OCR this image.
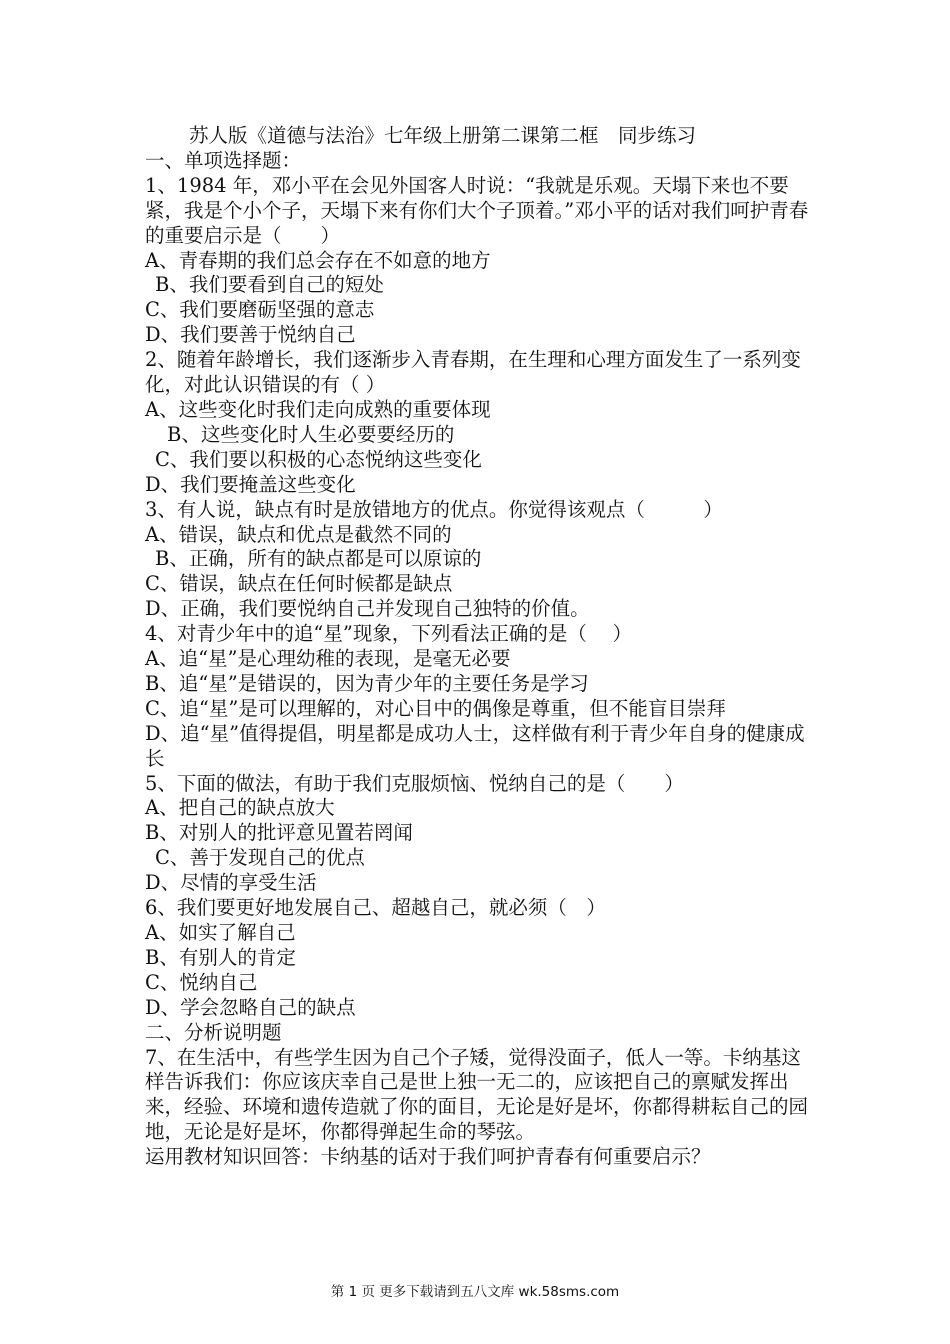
苏人版《道德与法治》七年级上册第二课第二框　同步练习
一、单项选择题：
1、1984 年，邓小平在会见外国客人时说：“我就是乐观。天塌下来也不要紧，我是个小个子，天塌下来有你们大个子顶着。”邓小平的话对我们呵护青春的重要启示是（　　）
A、青春期的我们总会存在不如意的地方
B、我们要看到自己的短处
C、我们要磨砺坚强的意志
D、我们要善于悦纳自己
2、随着年龄增长，我们逐渐步入青春期，在生理和心理方面发生了一系列变化，对此认识错误的有（ ）
A、这些变化时我们走向成熟的重要体现
B、这些变化时人生必要要经历的
C、我们要以积极的心态悦纳这些变化
D、我们要掩盖这些变化
3、有人说，缺点有时是放错地方的优点。你觉得该观点（　　　）
A、错误，缺点和优点是截然不同的
B、正确，所有的缺点都是可以原谅的
C、错误，缺点在任何时候都是缺点
D、正确，我们要悦纳自己并发现自己独特的价值。
4、对青少年中的追“星”现象，下列看法正确的是（　 ）
A、追“星”是心理幼稚的表现，是毫无必要
B、追“星”是错误的，因为青少年的主要任务是学习
C、追“星”是可以理解的，对心目中的偶像是尊重，但不能盲目崇拜
D、追“星”值得提倡，明星都是成功人士，这样做有利于青少年自身的健康成长
5、下面的做法，有助于我们克服烦恼、悦纳自己的是（　　）
A、把自己的缺点放大
B、对别人的批评意见置若罔闻
C、善于发现自己的优点
D、尽情的享受生活
6、我们要更好地发展自己、超越自己，就必须（　）
A、如实了解自己
B、有别人的肯定
C、悦纳自己
D、学会忽略自己的缺点
二、分析说明题
7、在生活中，有些学生因为自己个子矮，觉得没面子，低人一等。卡纳基这样告诉我们：你应该庆幸自己是世上独一无二的，应该把自己的禀赋发挥出来，经验、环境和遗传造就了你的面目，无论是好是坏，你都得耕耘自己的园地，无论是好是坏，你都得弹起生命的琴弦。
运用教材知识回答：卡纳基的话对于我们呵护青春有何重要启示？
第 1 页 更多下载请到五八文库 wk.58sms.com
